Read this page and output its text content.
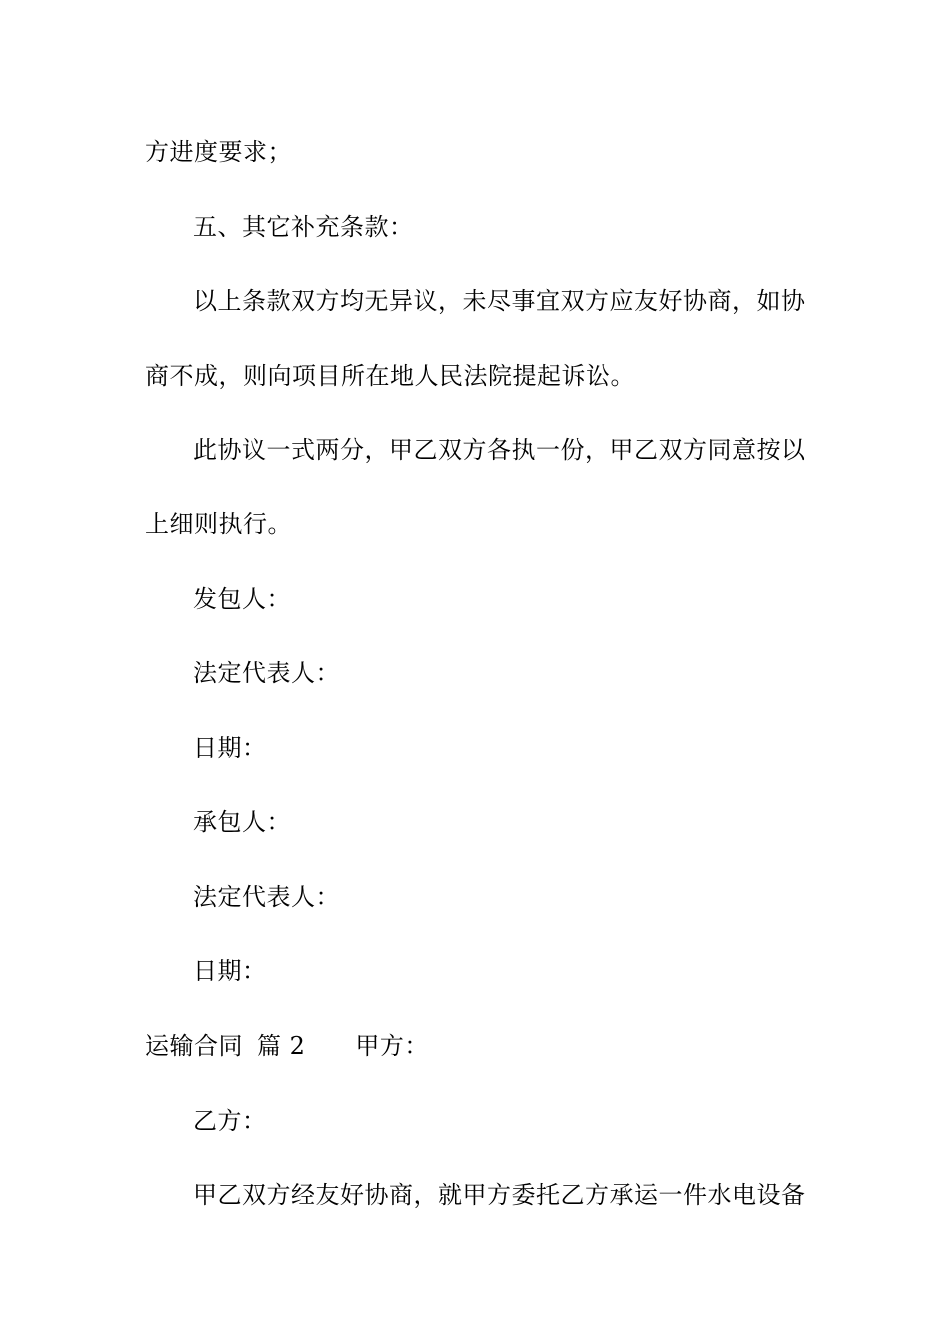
方进度要求；
五、其它补充条款：
以上条款双方均无异议，未尽事宜双方应友好协商，如协
商不成，则向项目所在地人民法院提起诉讼。
此协议一式两分，甲乙双方各执一份，甲乙双方同意按以
上细则执行。
发包人：
法定代表人：
日期：
承包人：
法定代表人：
日期：
运输合同 篇 2 甲方：
乙方：
甲乙双方经友好协商，就甲方委托乙方承运一件水电设备
